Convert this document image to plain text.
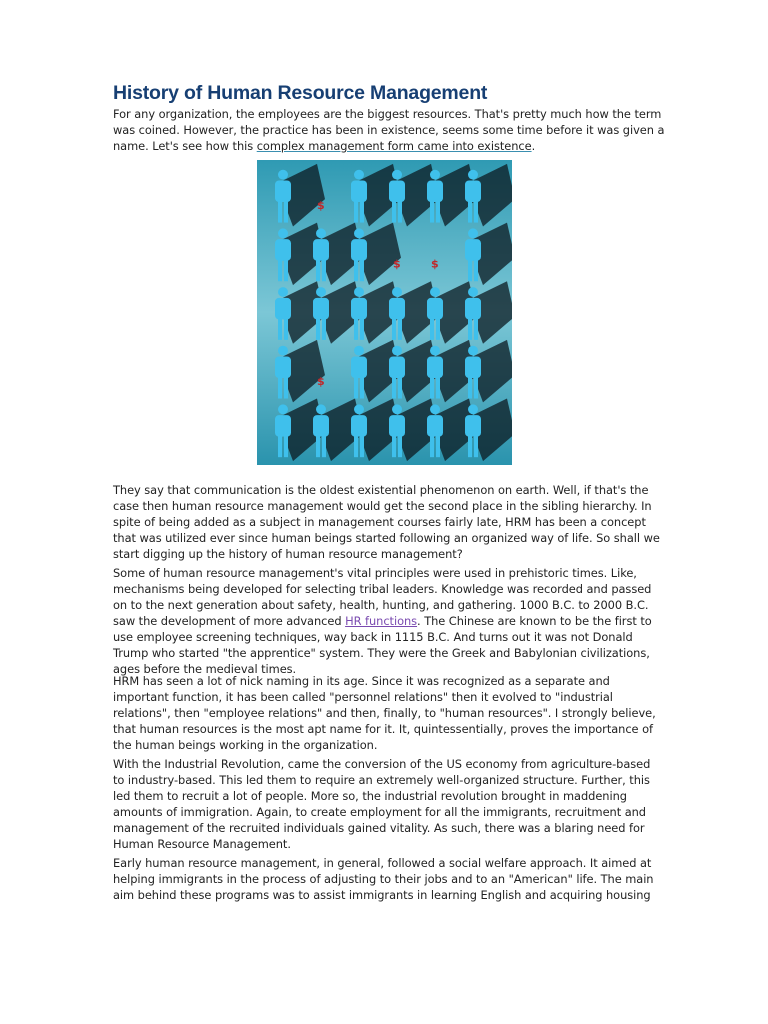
History of Human Resource Management
For any organization, the employees are the biggest resources. That's pretty much how the term
was coined. However, the practice has been in existence, seems some time before it was given a
name. Let's see how this complex management form came into existence.
$
$	$
$
They say that communication is the oldest existential phenomenon on earth. Well, if that's the
case then human resource management would get the second place in the sibling hierarchy. In
spite of being added as a subject in management courses fairly late, HRM has been a concept
that was utilized ever since human beings started following an organized way of life. So shall we
start digging up the history of human resource management?
Some of human resource management's vital principles were used in prehistoric times. Like,
mechanisms being developed for selecting tribal leaders. Knowledge was recorded and passed
on to the next generation about safety, health, hunting, and gathering. 1000 B.C. to 2000 B.C.
saw the development of more advanced HR functions. The Chinese are known to be the first to
use employee screening techniques, way back in 1115 B.C. And turns out it was not Donald
Trump who started "the apprentice" system. They were the Greek and Babylonian civilizations,
ages before the medieval times.
HRM has seen a lot of nick naming in its age. Since it was recognized as a separate and
important function, it has been called "personnel relations" then it evolved to "industrial
relations", then "employee relations" and then, finally, to "human resources". I strongly believe,
that human resources is the most apt name for it. It, quintessentially, proves the importance of
the human beings working in the organization.
With the Industrial Revolution, came the conversion of the US economy from agriculture-based
to industry-based. This led them to require an extremely well-organized structure. Further, this
led them to recruit a lot of people. More so, the industrial revolution brought in maddening
amounts of immigration. Again, to create employment for all the immigrants, recruitment and
management of the recruited individuals gained vitality. As such, there was a blaring need for
Human Resource Management.
Early human resource management, in general, followed a social welfare approach. It aimed at
helping immigrants in the process of adjusting to their jobs and to an "American" life. The main
aim behind these programs was to assist immigrants in learning English and acquiring housing
